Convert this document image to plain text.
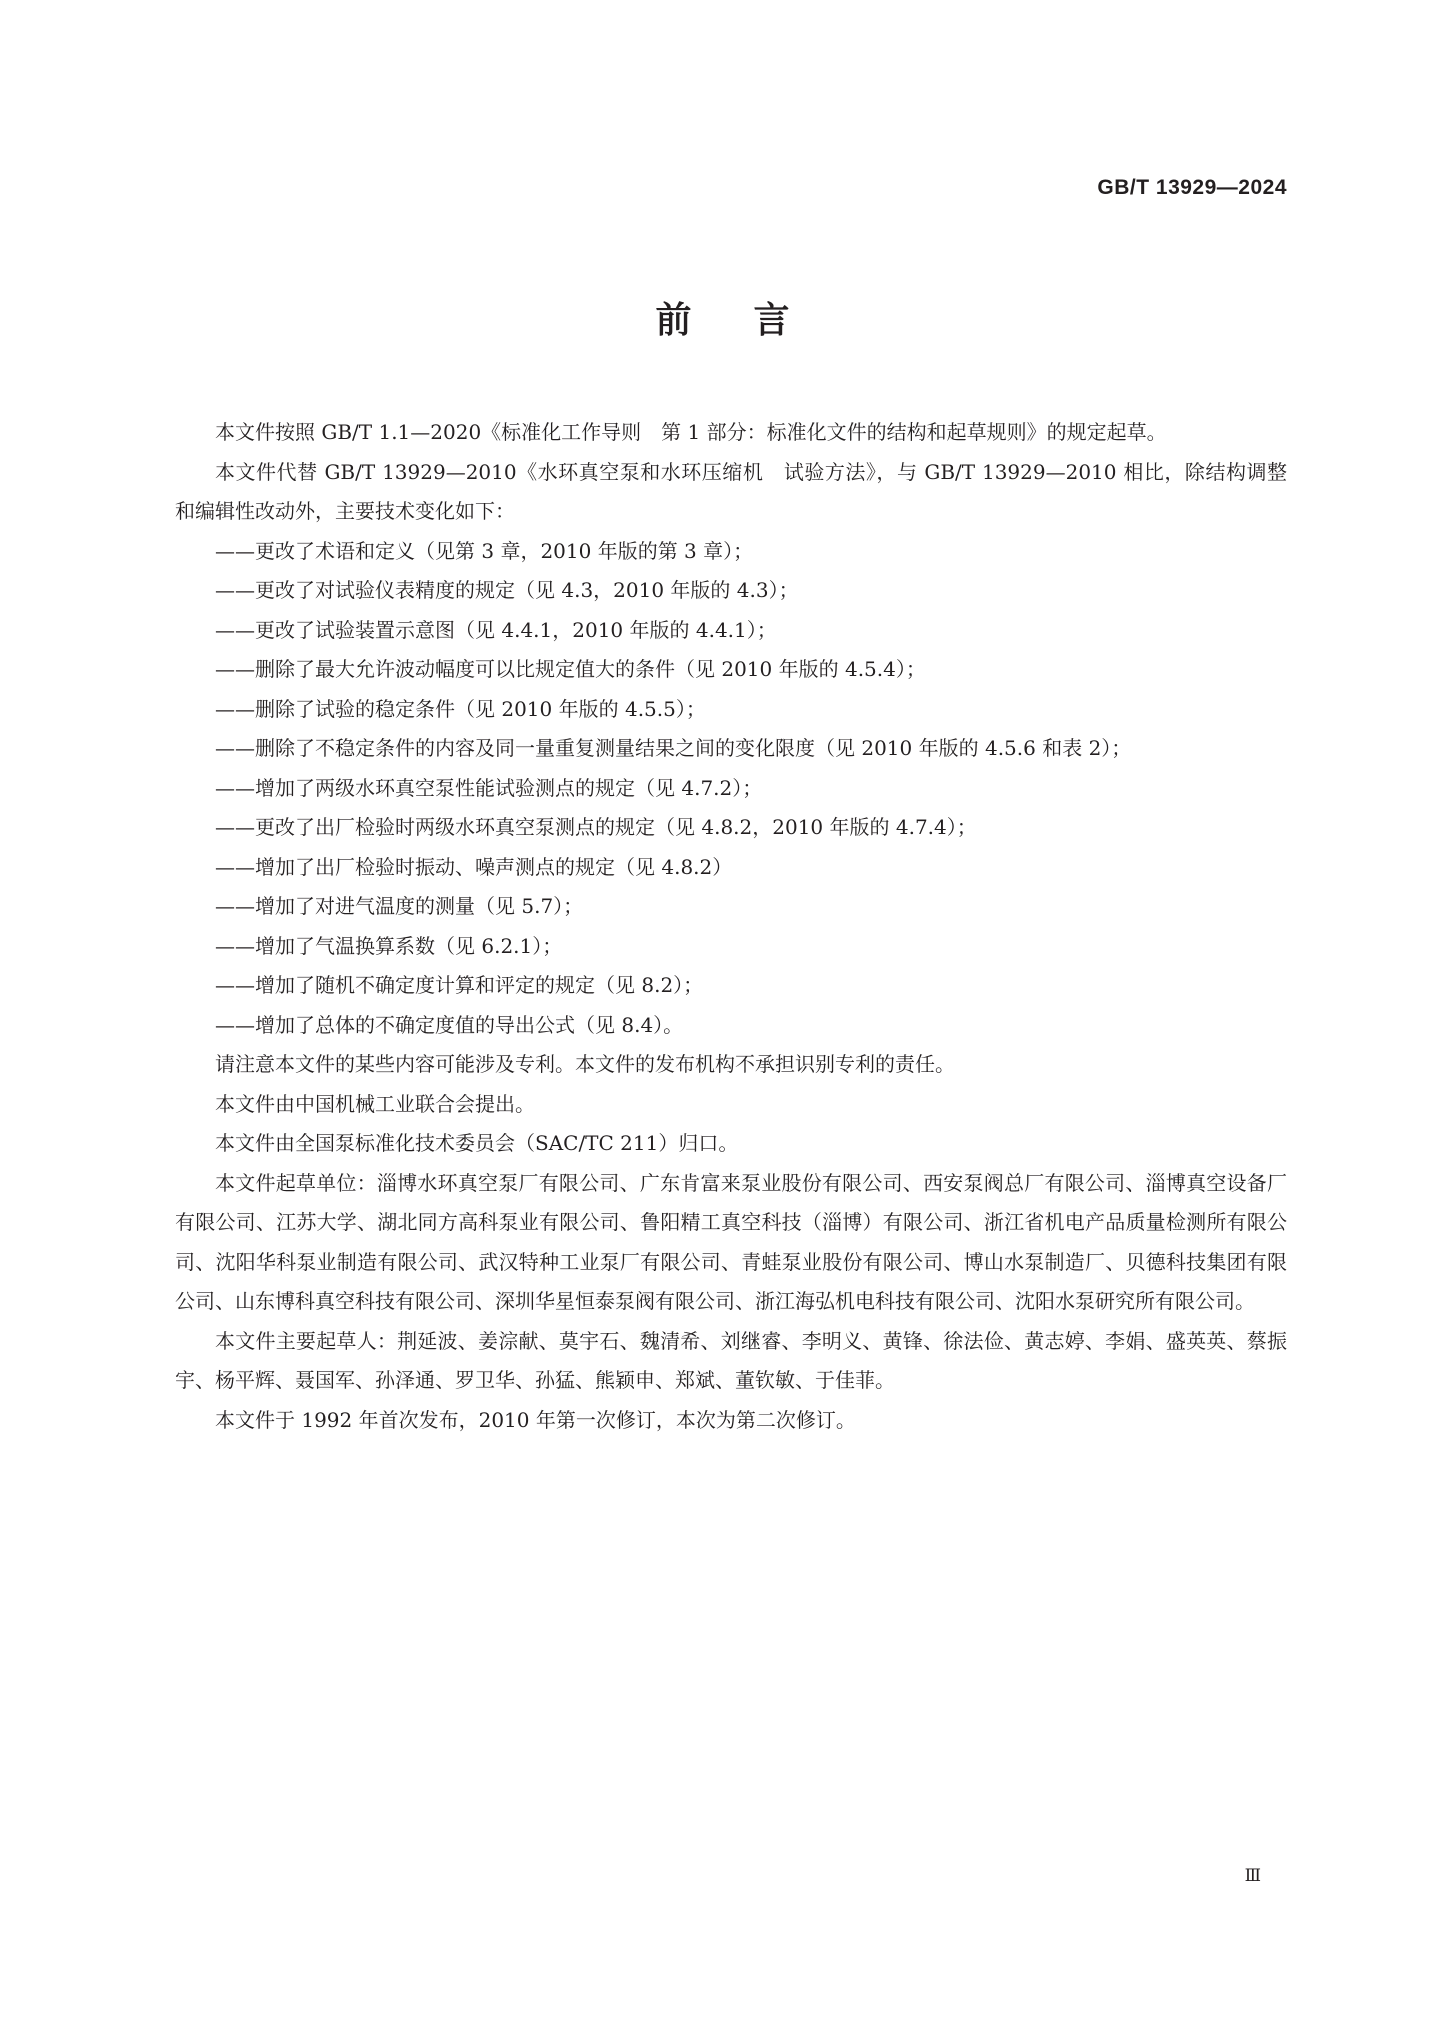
GB/T 13929—2024
前言

本文件按照 GB/T 1.1—2020《标准化工作导则　第 1 部分：标准化文件的结构和起草规则》的规定起草。

本文件代替 GB/T 13929—2010《水环真空泵和水环压缩机　试验方法》，与 GB/T 13929—2010 相比，除结构调整和编辑性改动外，主要技术变化如下：

——更改了术语和定义（见第 3 章，2010 年版的第 3 章）；

——更改了对试验仪表精度的规定（见 4.3，2010 年版的 4.3）；

——更改了试验装置示意图（见 4.4.1，2010 年版的 4.4.1）；

——删除了最大允许波动幅度可以比规定值大的条件（见 2010 年版的 4.5.4）；

——删除了试验的稳定条件（见 2010 年版的 4.5.5）；

——删除了不稳定条件的内容及同一量重复测量结果之间的变化限度（见 2010 年版的 4.5.6 和表 2）；

——增加了两级水环真空泵性能试验测点的规定（见 4.7.2）；

——更改了出厂检验时两级水环真空泵测点的规定（见 4.8.2，2010 年版的 4.7.4）；

——增加了出厂检验时振动、噪声测点的规定（见 4.8.2）

——增加了对进气温度的测量（见 5.7）；

——增加了气温换算系数（见 6.2.1）；

——增加了随机不确定度计算和评定的规定（见 8.2）；

——增加了总体的不确定度值的导出公式（见 8.4）。

请注意本文件的某些内容可能涉及专利。本文件的发布机构不承担识别专利的责任。

本文件由中国机械工业联合会提出。

本文件由全国泵标准化技术委员会（SAC/TC 211）归口。

本文件起草单位：淄博水环真空泵厂有限公司、广东肯富来泵业股份有限公司、西安泵阀总厂有限公司、淄博真空设备厂有限公司、江苏大学、湖北同方高科泵业有限公司、鲁阳精工真空科技（淄博）有限公司、浙江省机电产品质量检测所有限公司、沈阳华科泵业制造有限公司、武汉特种工业泵厂有限公司、青蛙泵业股份有限公司、博山水泵制造厂、贝德科技集团有限公司、山东博科真空科技有限公司、深圳华星恒泰泵阀有限公司、浙江海弘机电科技有限公司、沈阳水泵研究所有限公司。

本文件主要起草人：荆延波、姜淙献、莫宇石、魏清希、刘继睿、李明义、黄锋、徐法俭、黄志婷、李娟、盛英英、蔡振宇、杨平辉、聂国军、孙泽通、罗卫华、孙猛、熊颖申、郑斌、董钦敏、于佳菲。

本文件于 1992 年首次发布，2010 年第一次修订，本次为第二次修订。

Ⅲ
